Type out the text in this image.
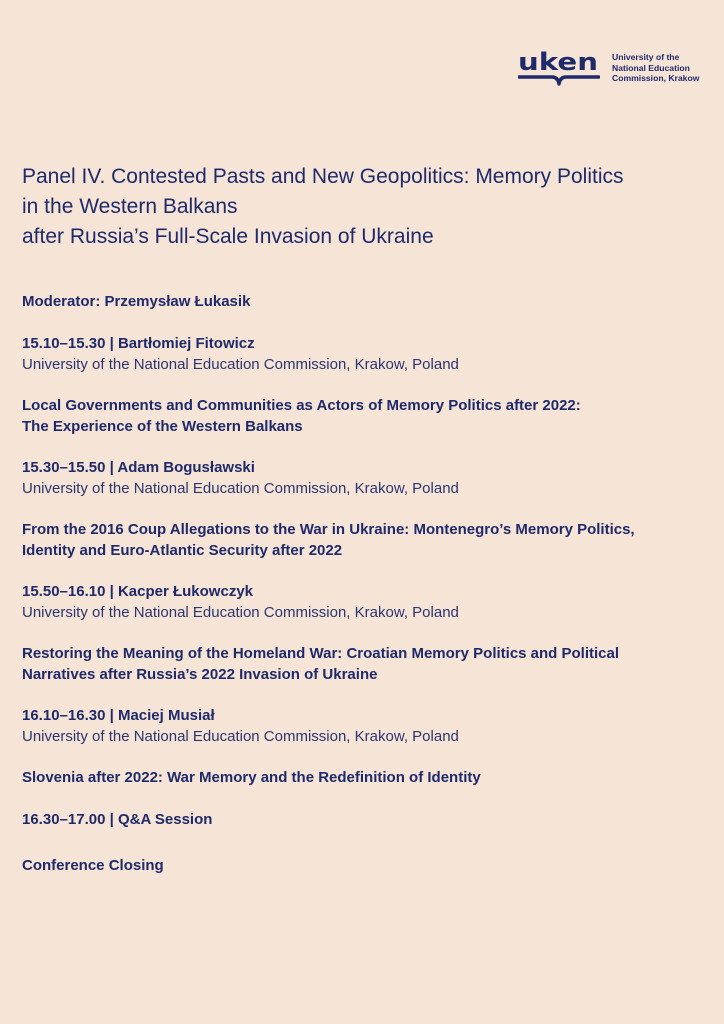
uken University of the
National Education
Commission, Krakow
Panel IV. Contested Pasts and New Geopolitics: Memory Politics
in the Western Balkans
after Russia’s Full-Scale Invasion of Ukraine
Moderator: Przemysław Łukasik
15.10–15.30 | Bartłomiej Fitowicz
University of the National Education Commission, Krakow, Poland
Local Governments and Communities as Actors of Memory Politics after 2022:
The Experience of the Western Balkans
15.30–15.50 | Adam Bogusławski
University of the National Education Commission, Krakow, Poland
From the 2016 Coup Allegations to the War in Ukraine: Montenegro’s Memory Politics,
Identity and Euro-Atlantic Security after 2022
15.50–16.10 | Kacper Łukowczyk
University of the National Education Commission, Krakow, Poland
Restoring the Meaning of the Homeland War: Croatian Memory Politics and Political
Narratives after Russia’s 2022 Invasion of Ukraine
16.10–16.30 | Maciej Musiał
University of the National Education Commission, Krakow, Poland
Slovenia after 2022: War Memory and the Redefinition of Identity
16.30–17.00 | Q&A Session
Conference Closing
